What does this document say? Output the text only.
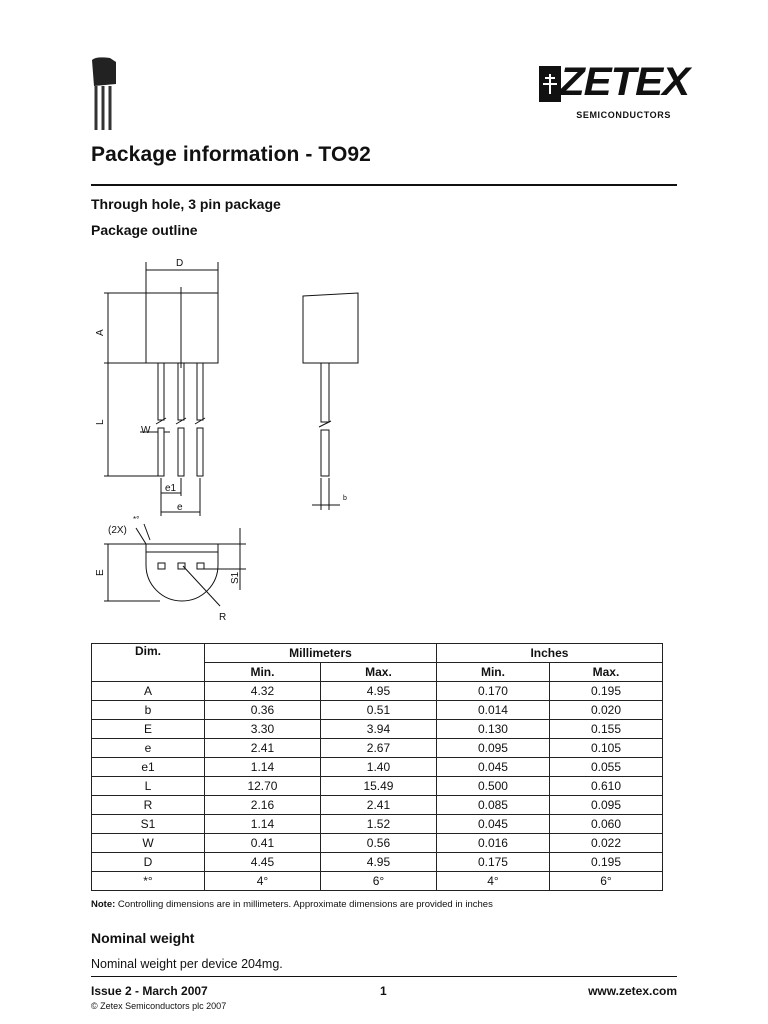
ZETEX
SEMICONDUCTORS
Package information - TO92
Through hole, 3 pin package
Package outline
D
A
L
W
e1
e
(2X)
*°
E	S1
R
b
Dim.	Millimeters		Inches	
	Min.	Max.	Min.	Max.
A	4.32	4.95	0.170	0.195
b	0.36	0.51	0.014	0.020
E	3.30	3.94	0.130	0.155
e	2.41	2.67	0.095	0.105
e1	1.14	1.40	0.045	0.055
L	12.70	15.49	0.500	0.610
R	2.16	2.41	0.085	0.095
S1	1.14	1.52	0.045	0.060
W	0.41	0.56	0.016	0.022
D	4.45	4.95	0.175	0.195
*°	4°	6°	4°	6°
Note: Controlling dimensions are in millimeters. Approximate dimensions are provided in inches
Nominal weight
Nominal weight per device 204mg.
Issue 2 - March 2007	1	www.zetex.com
© Zetex Semiconductors plc 2007
